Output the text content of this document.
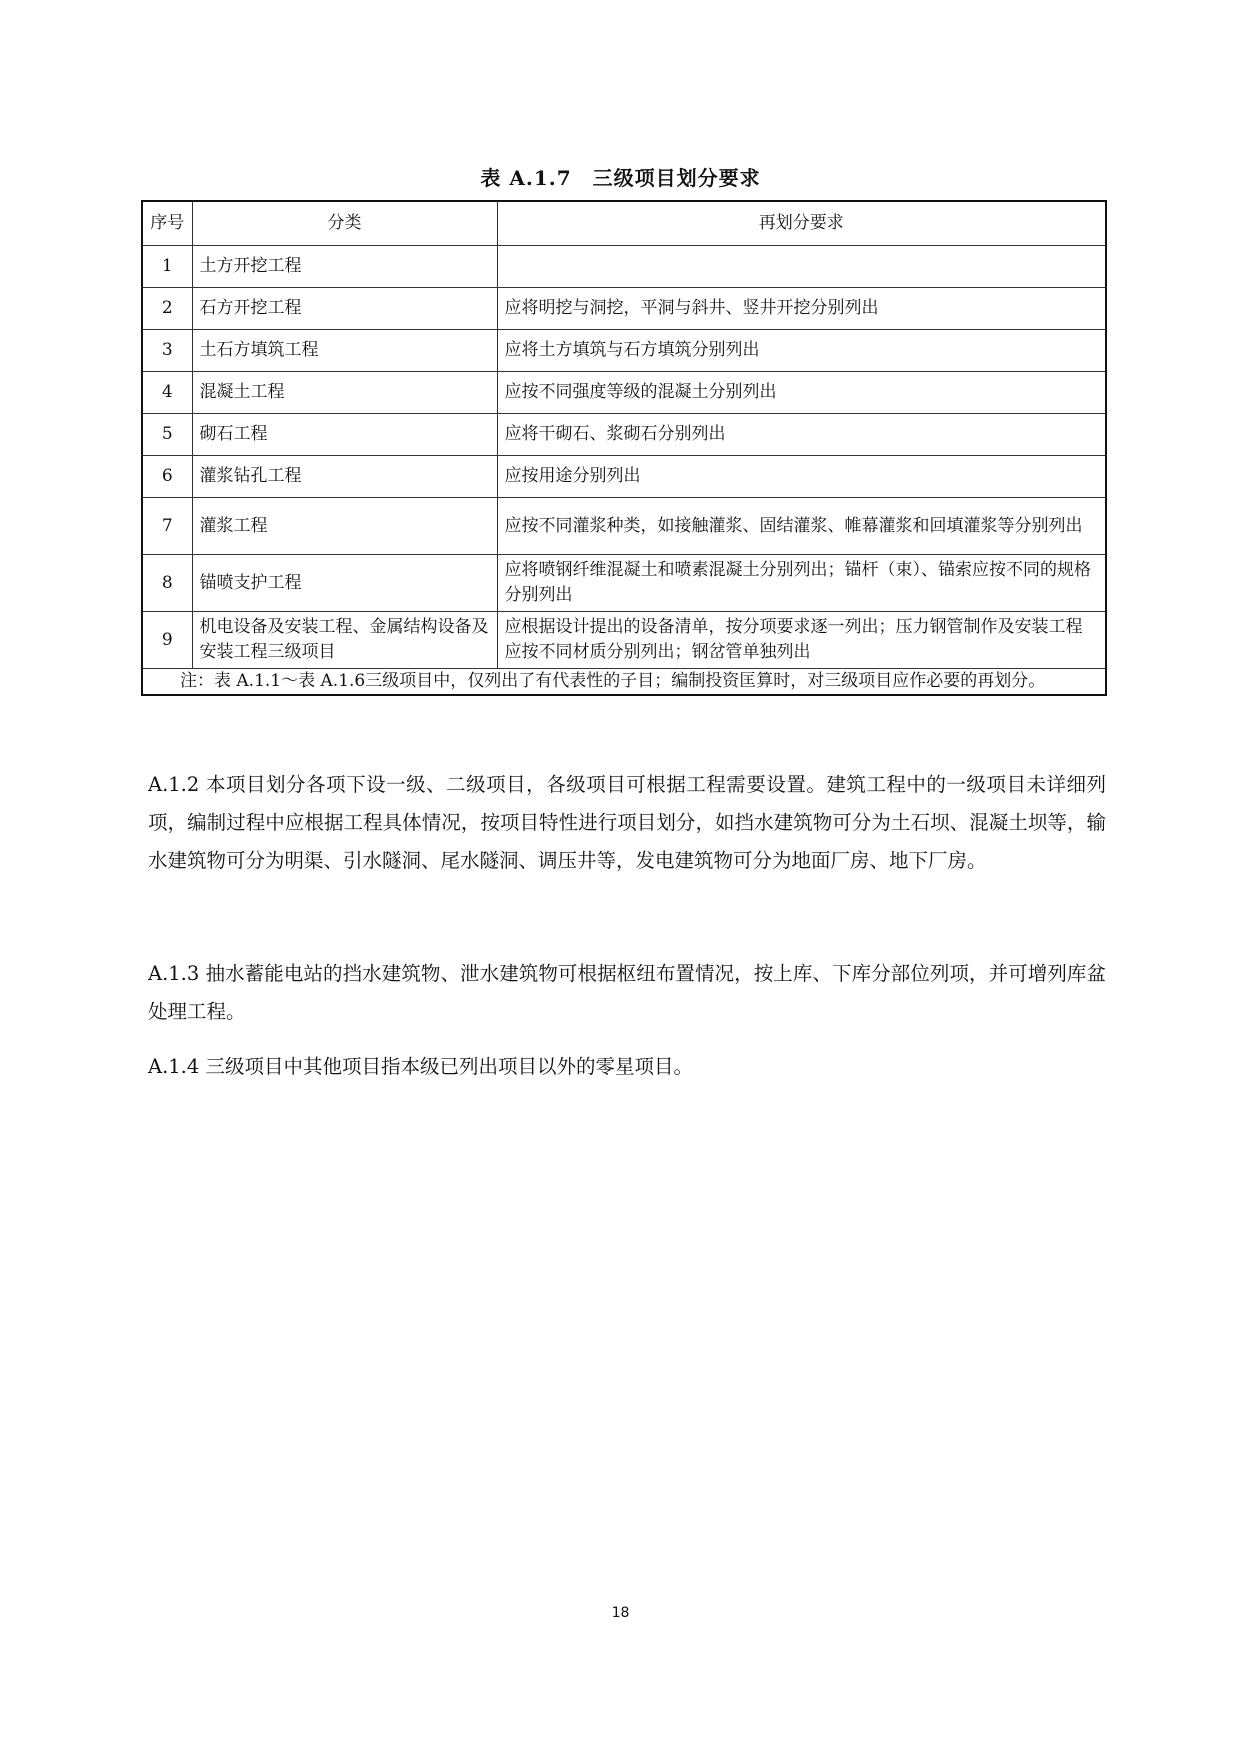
表 A.1.7　三级项目划分要求
序号	分类	再划分要求
1	土方开挖工程	
2	石方开挖工程	应将明挖与洞挖，平洞与斜井、竖井开挖分别列出
3	土石方填筑工程	应将土方填筑与石方填筑分别列出
4	混凝土工程	应按不同强度等级的混凝土分别列出
5	砌石工程	应将干砌石、浆砌石分别列出
6	灌浆钻孔工程	应按用途分别列出
7	灌浆工程	应按不同灌浆种类，如接触灌浆、固结灌浆、帷幕灌浆和回填灌浆等分别列出
8	锚喷支护工程	应将喷钢纤维混凝土和喷素混凝土分别列出；锚杆（束）、锚索应按不同的规格分别列出
9	机电设备及安装工程、金属结构设备及安装工程三级项目	应根据设计提出的设备清单，按分项要求逐一列出；压力钢管制作及安装工程应按不同材质分别列出；钢岔管单独列出
注：表 A.1.1～表 A.1.6三级项目中，仅列出了有代表性的子目；编制投资匡算时，对三级项目应作必要的再划分。		

A.1.2 本项目划分各项下设一级、二级项目，各级项目可根据工程需要设置。建筑工程中的一级项目未详细列项，编制过程中应根据工程具体情况，按项目特性进行项目划分，如挡水建筑物可分为土石坝、混凝土坝等，输水建筑物可分为明渠、引水隧洞、尾水隧洞、调压井等，发电建筑物可分为地面厂房、地下厂房。

A.1.3 抽水蓄能电站的挡水建筑物、泄水建筑物可根据枢纽布置情况，按上库、下库分部位列项，并可增列库盆处理工程。

A.1.4 三级项目中其他项目指本级已列出项目以外的零星项目。

18
